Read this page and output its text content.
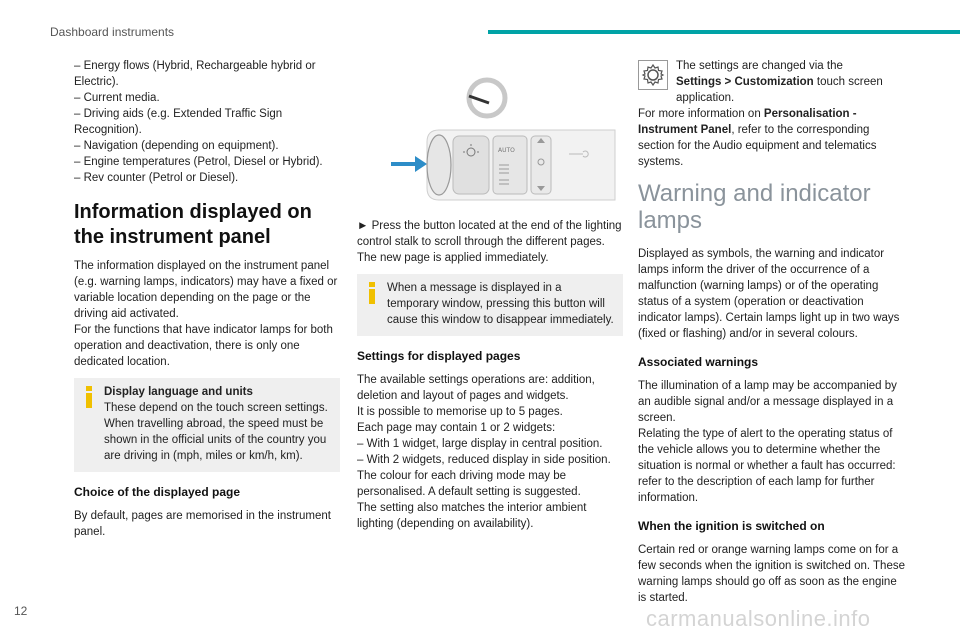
Dashboard instruments

– Energy flows (Hybrid, Rechargeable hybrid or Electric).

– Current media.

– Driving aids (e.g. Extended Traffic Sign Recognition).

– Navigation (depending on equipment).

– Engine temperatures (Petrol, Diesel or Hybrid).

– Rev counter (Petrol or Diesel).

Information displayed on the instrument panel

The information displayed on the instrument panel (e.g. warning lamps, indicators) may have a fixed or variable location depending on the page or the driving aid activated.

For the functions that have indicator lamps for both operation and deactivation, there is only one dedicated location.

Display language and units

These depend on the touch screen settings.

When travelling abroad, the speed must be shown in the official units of the country you are driving in (mph, miles or km/h, km).

Choice of the displayed page

By default, pages are memorised in the instrument panel.

AUTO

► Press the button located at the end of the lighting control stalk to scroll through the different pages.

The new page is applied immediately.

When a message is displayed in a temporary window, pressing this button will cause this window to disappear immediately.

Settings for displayed pages

The available settings operations are: addition, deletion and layout of pages and widgets.

It is possible to memorise up to 5 pages.

Each page may contain 1 or 2 widgets:

– With 1 widget, large display in central position.

– With 2 widgets, reduced display in side position.

The colour for each driving mode may be personalised. A default setting is suggested.

The setting also matches the interior ambient lighting (depending on availability).

The settings are changed via the
Settings > Customization touch screen application.

For more information on Personalisation - Instrument Panel, refer to the corresponding section for the Audio equipment and telematics systems.

Warning and indicator lamps

Displayed as symbols, the warning and indicator lamps inform the driver of the occurrence of a malfunction (warning lamps) or of the operating status of a system (operation or deactivation indicator lamps). Certain lamps light up in two ways (fixed or flashing) and/or in several colours.

Associated warnings

The illumination of a lamp may be accompanied by an audible signal and/or a message displayed in a screen.

Relating the type of alert to the operating status of the vehicle allows you to determine whether the situation is normal or whether a fault has occurred: refer to the description of each lamp for further information.

When the ignition is switched on

Certain red or orange warning lamps come on for a few seconds when the ignition is switched on. These warning lamps should go off as soon as the engine is started.

12	carmanualsonline.info
